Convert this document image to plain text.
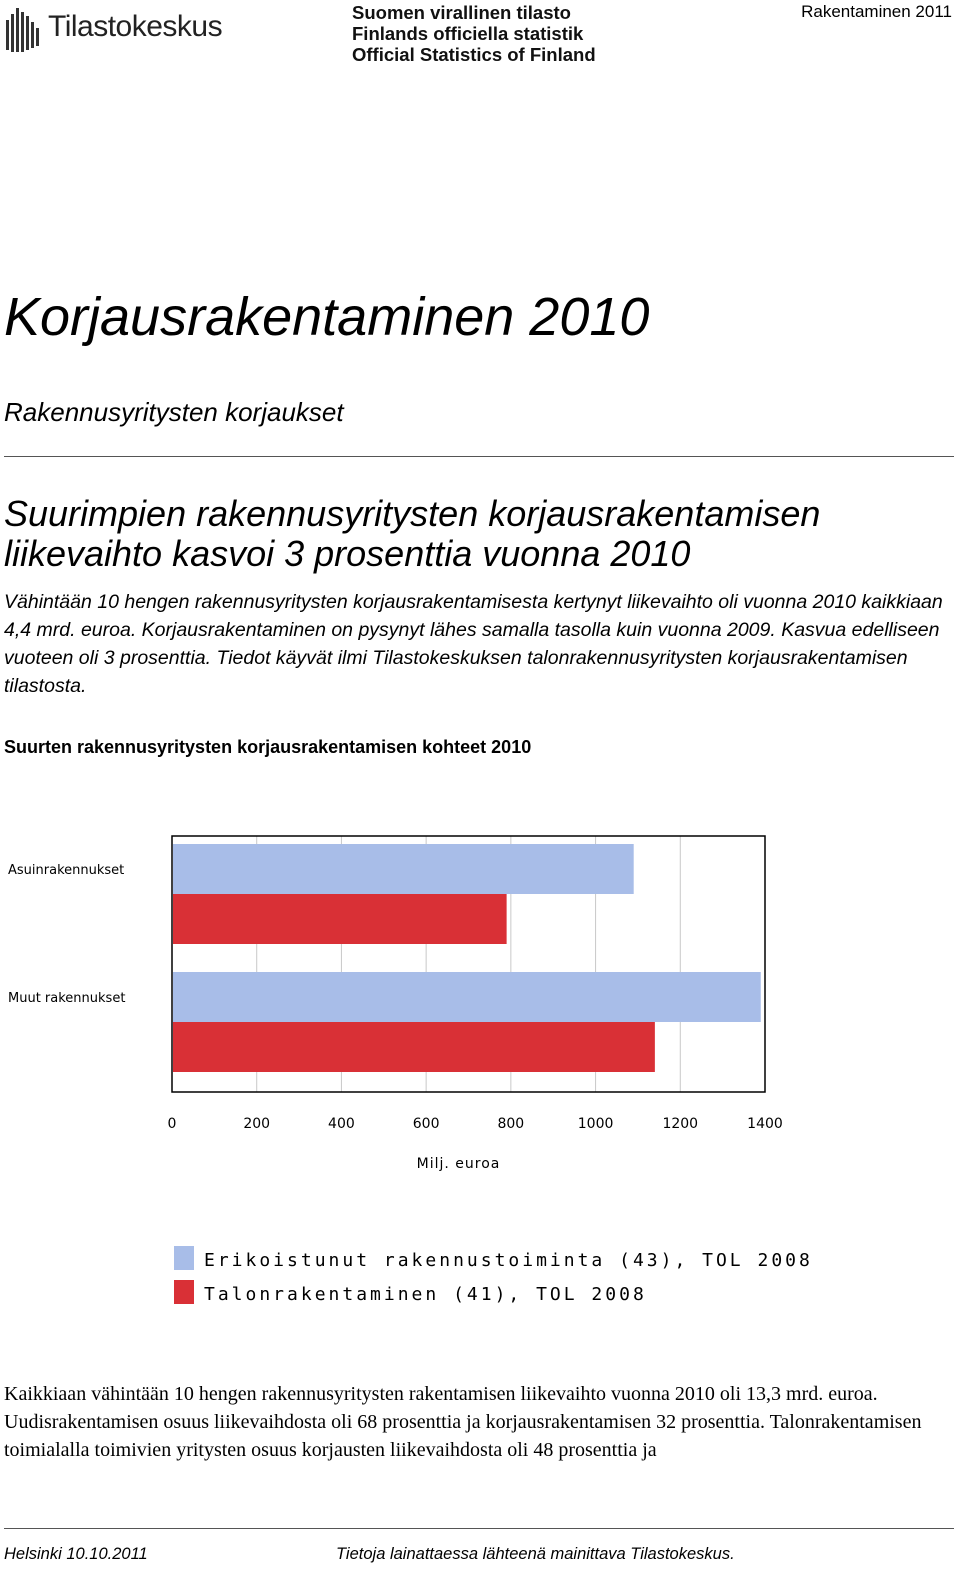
Tilastokeskus	Suomen virallinen tilasto
Finlands officiella statistik
Official Statistics of Finland
Rakentaminen 2011
Korjausrakentaminen 2010
Rakennusyritysten korjaukset
Suurimpien rakennusyritysten korjausrakentamisen
liikevaihto kasvoi 3 prosenttia vuonna 2010
Vähintään 10 hengen rakennusyritysten korjausrakentamisesta kertynyt liikevaihto oli vuonna 2010 kaikkiaan 4,4 mrd. euroa. Korjausrakentaminen on pysynyt lähes samalla tasolla kuin vuonna 2009. Kasvua edelliseen vuoteen oli 3 prosenttia. Tiedot käyvät ilmi Tilastokeskuksen talonrakennusyritysten korjausrakentamisen tilastosta.
Suurten rakennusyritysten korjausrakentamisen kohteet 2010
0	200	400	600	800	1000	1200	1400
Asuinrakennukset
Muut rakennukset
Milj. euroa
Erikoistunut rakennustoiminta (43), TOL 2008
Talonrakentaminen (41), TOL 2008
Kaikkiaan vähintään 10 hengen rakennusyritysten rakentamisen liikevaihto vuonna 2010 oli 13,3 mrd. euroa. Uudisrakentamisen osuus liikevaihdosta oli 68 prosenttia ja korjausrakentamisen 32 prosenttia. Talonrakentamisen toimialalla toimivien yritysten osuus korjausten liikevaihdosta oli 48 prosenttia ja
Helsinki 10.10.2011	Tietoja lainattaessa lähteenä mainittava Tilastokeskus.
